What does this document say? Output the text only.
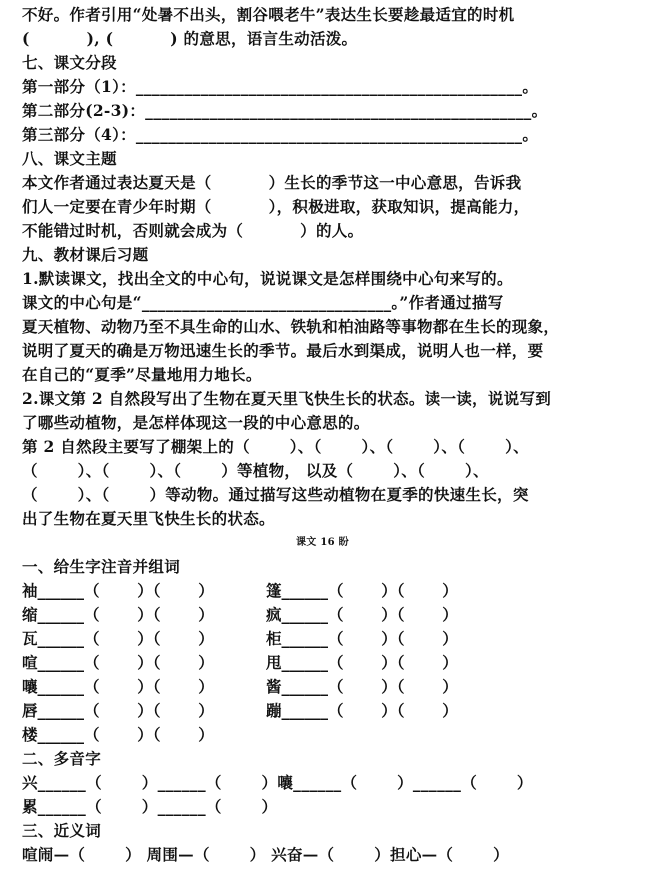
不好。作者引用“处暑不出头，割谷喂老牛”表达生长要趁最适宜的时机
(          ), (          ) 的意思，语言生动活泼。
七、课文分段
第一部分（1）：________________________________________________。
第二部分(2-3)：________________________________________________。
第三部分（4）：________________________________________________。
八、课文主题
本文作者通过表达夏天是（          ）生长的季节这一中心意思，告诉我
们人一定要在青少年时期（          ），积极进取，获取知识，提高能力，
不能错过时机，否则就会成为（          ）的人。
九、教材课后习题
1.默读课文，找出全文的中心句，说说课文是怎样围绕中心句来写的。
课文的中心句是“_______________________________。”作者通过描写
夏天植物、动物乃至不具生命的山水、铁轨和柏油路等事物都在生长的现象，
说明了夏天的确是万物迅速生长的季节。最后水到渠成，说明人也一样，要
在自己的“夏季”尽量地用力地长。
2.课文第 2 自然段写出了生物在夏天里飞快生长的状态。读一读，说说写到
了哪些动植物，是怎样体现这一段的中心意思的。
第 2 自然段主要写了棚架上的（       ）、（       ）、（       ）、（       ）、
（       ）、（       ）、（       ）等植物， 以及（       ）、（       ）、
（       ）、（       ）等动物。通过描写这些动植物在夏季的快速生长，突
出了生物在夏天里飞快生长的状态。
课文 16 盼
一、给生字注音并组词
袖______（       ）（       ）	篷______（       ）（       ）
缩______（       ）（       ）	疯______（       ）（       ）
瓦______（       ）（       ）	柜______（       ）（       ）
喧______（       ）（       ）	甩______（       ）（       ）
嚷______（       ）（       ）	酱______（       ）（       ）
唇______（       ）（       ）	蹦______（       ）（       ）
楼______（       ）（       ）
二、多音字
兴______（       ）______（       ）嚷______（       ）______（       ）
累______（       ）______（       ）
三、近义词
喧闹—（       ） 周围—（       ） 兴奋—（       ）担心—（       ）
